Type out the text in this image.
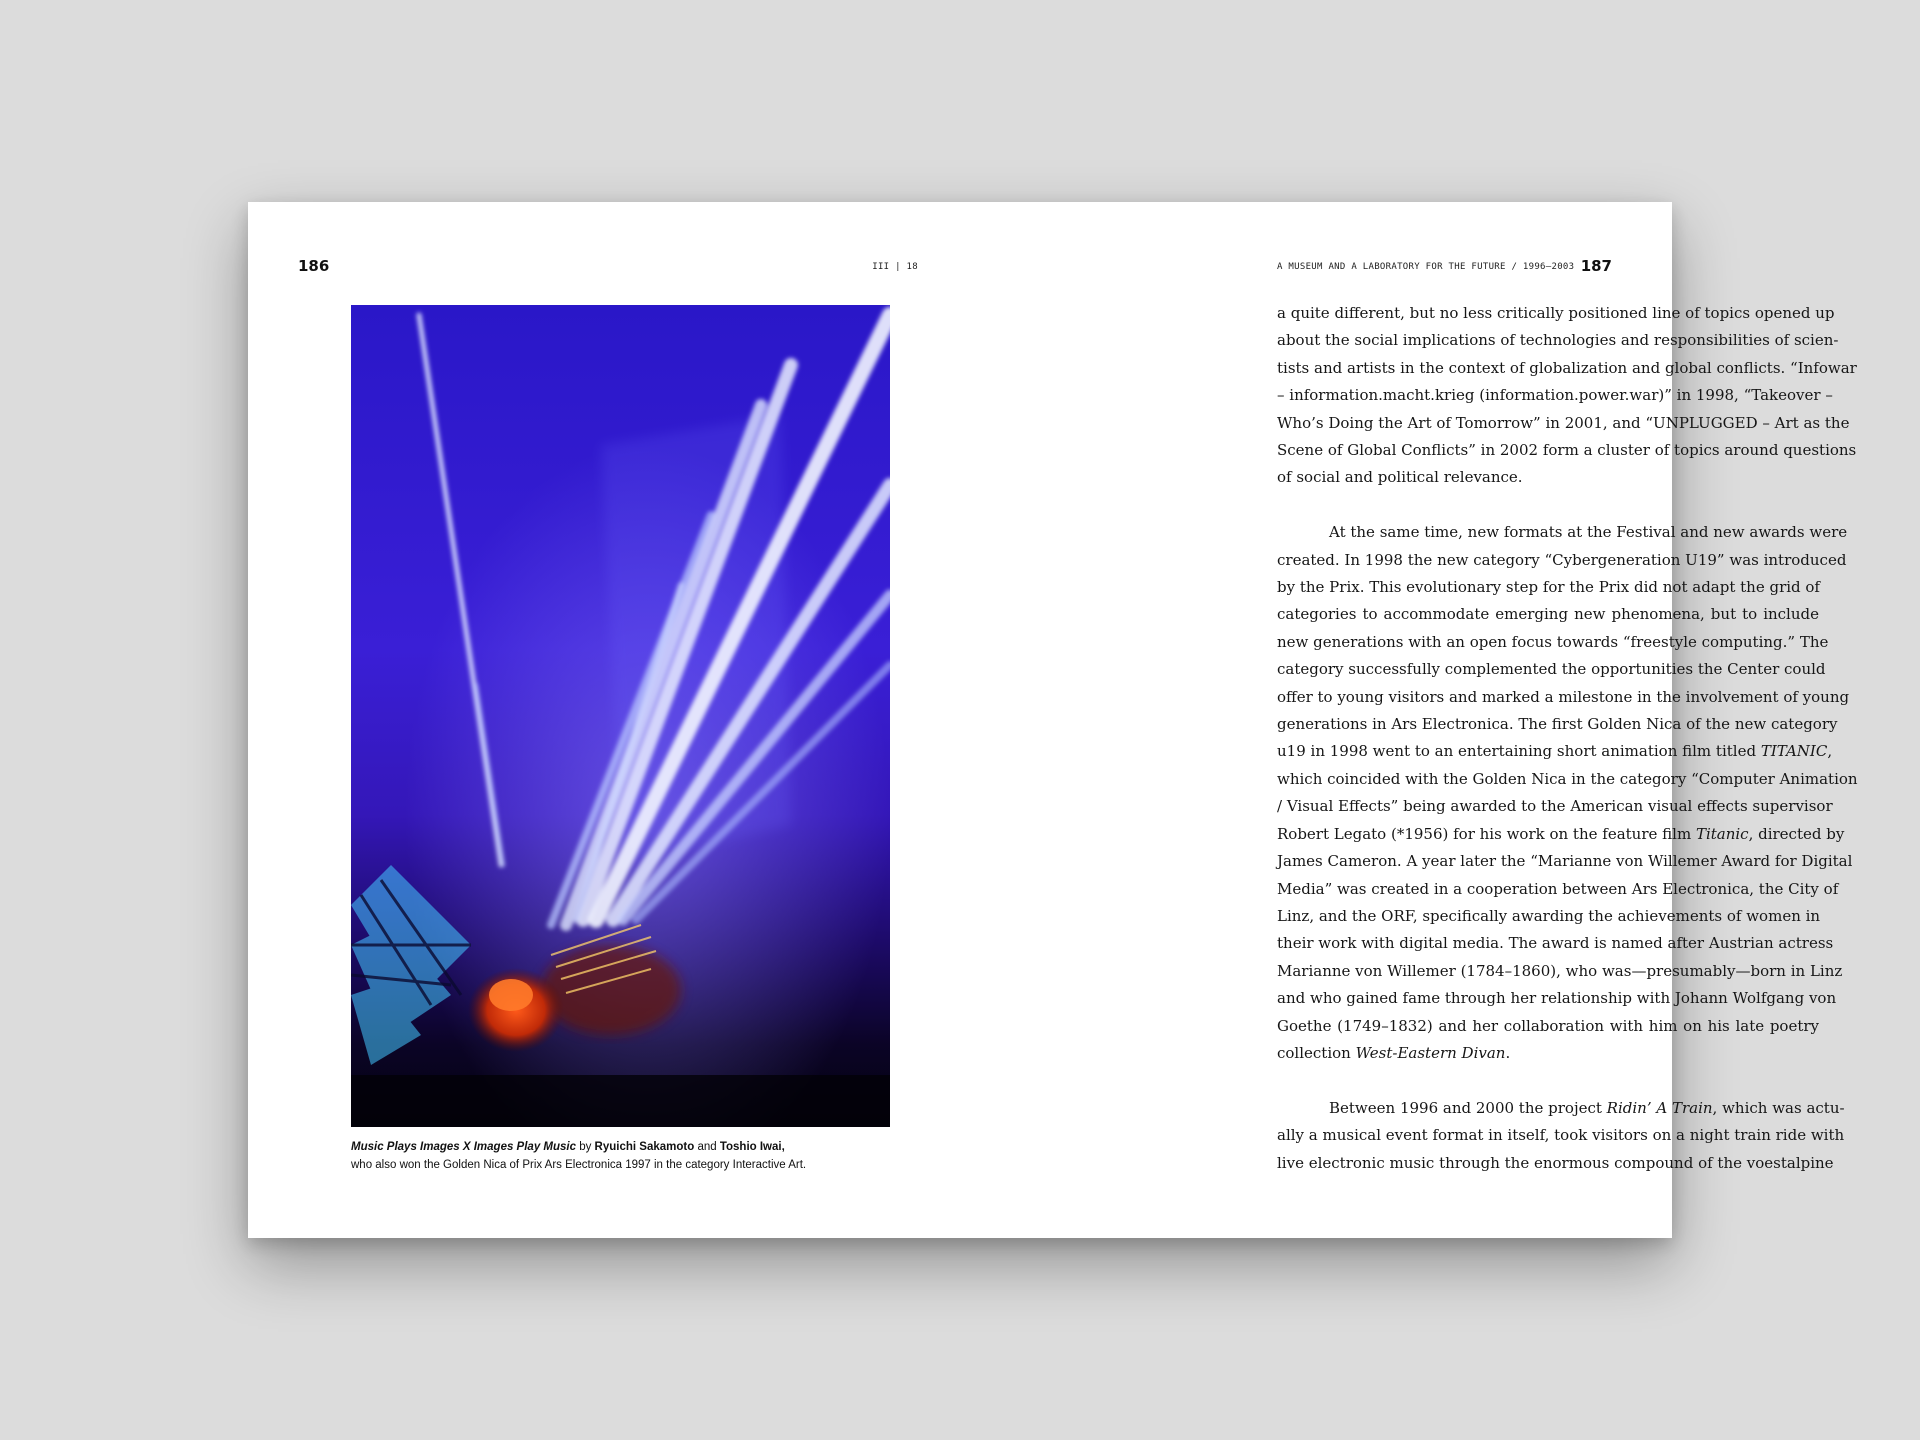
186	III | 18
Music Plays Images X Images Play Music by Ryuichi Sakamoto and Toshio Iwai,
who also won the Golden Nica of Prix Ars Electronica 1997 in the category Interactive Art.
A MUSEUM AND A LABORATORY FOR THE FUTURE / 1996–2003 187

a quite different, but no less critically positioned line of topics opened up
about the social implications of technologies and responsibilities of scien-
tists and artists in the context of globalization and global conflicts. “Infowar
– information.macht.krieg (information.power.war)” in 1998, “Takeover –
Who’s Doing the Art of Tomorrow” in 2001, and “UNPLUGGED – Art as the
Scene of Global Conflicts” in 2002 form a cluster of topics around questions
of social and political relevance.

At the same time, new formats at the Festival and new awards were
created. In 1998 the new category “Cybergeneration U19” was introduced
by the Prix. This evolutionary step for the Prix did not adapt the grid of
categories to accommodate emerging new phenomena, but to include
new generations with an open focus towards “freestyle computing.” The
category successfully complemented the opportunities the Center could
offer to young visitors and marked a milestone in the involvement of young
generations in Ars Electronica. The first Golden Nica of the new category
u19 in 1998 went to an entertaining short animation film titled TITANIC,
which coincided with the Golden Nica in the category “Computer Animation
/ Visual Effects” being awarded to the American visual effects supervisor
Robert Legato (*1956) for his work on the feature film Titanic, directed by
James Cameron. A year later the “Marianne von Willemer Award for Digital
Media” was created in a cooperation between Ars Electronica, the City of
Linz, and the ORF, specifically awarding the achievements of women in
their work with digital media. The award is named after Austrian actress
Marianne von Willemer (1784–1860), who was—presumably—born in Linz
and who gained fame through her relationship with Johann Wolfgang von
Goethe (1749–1832) and her collaboration with him on his late poetry
collection West-Eastern Divan.

Between 1996 and 2000 the project Ridin’ A Train, which was actu-
ally a musical event format in itself, took visitors on a night train ride with
live electronic music through the enormous compound of the voestalpine
